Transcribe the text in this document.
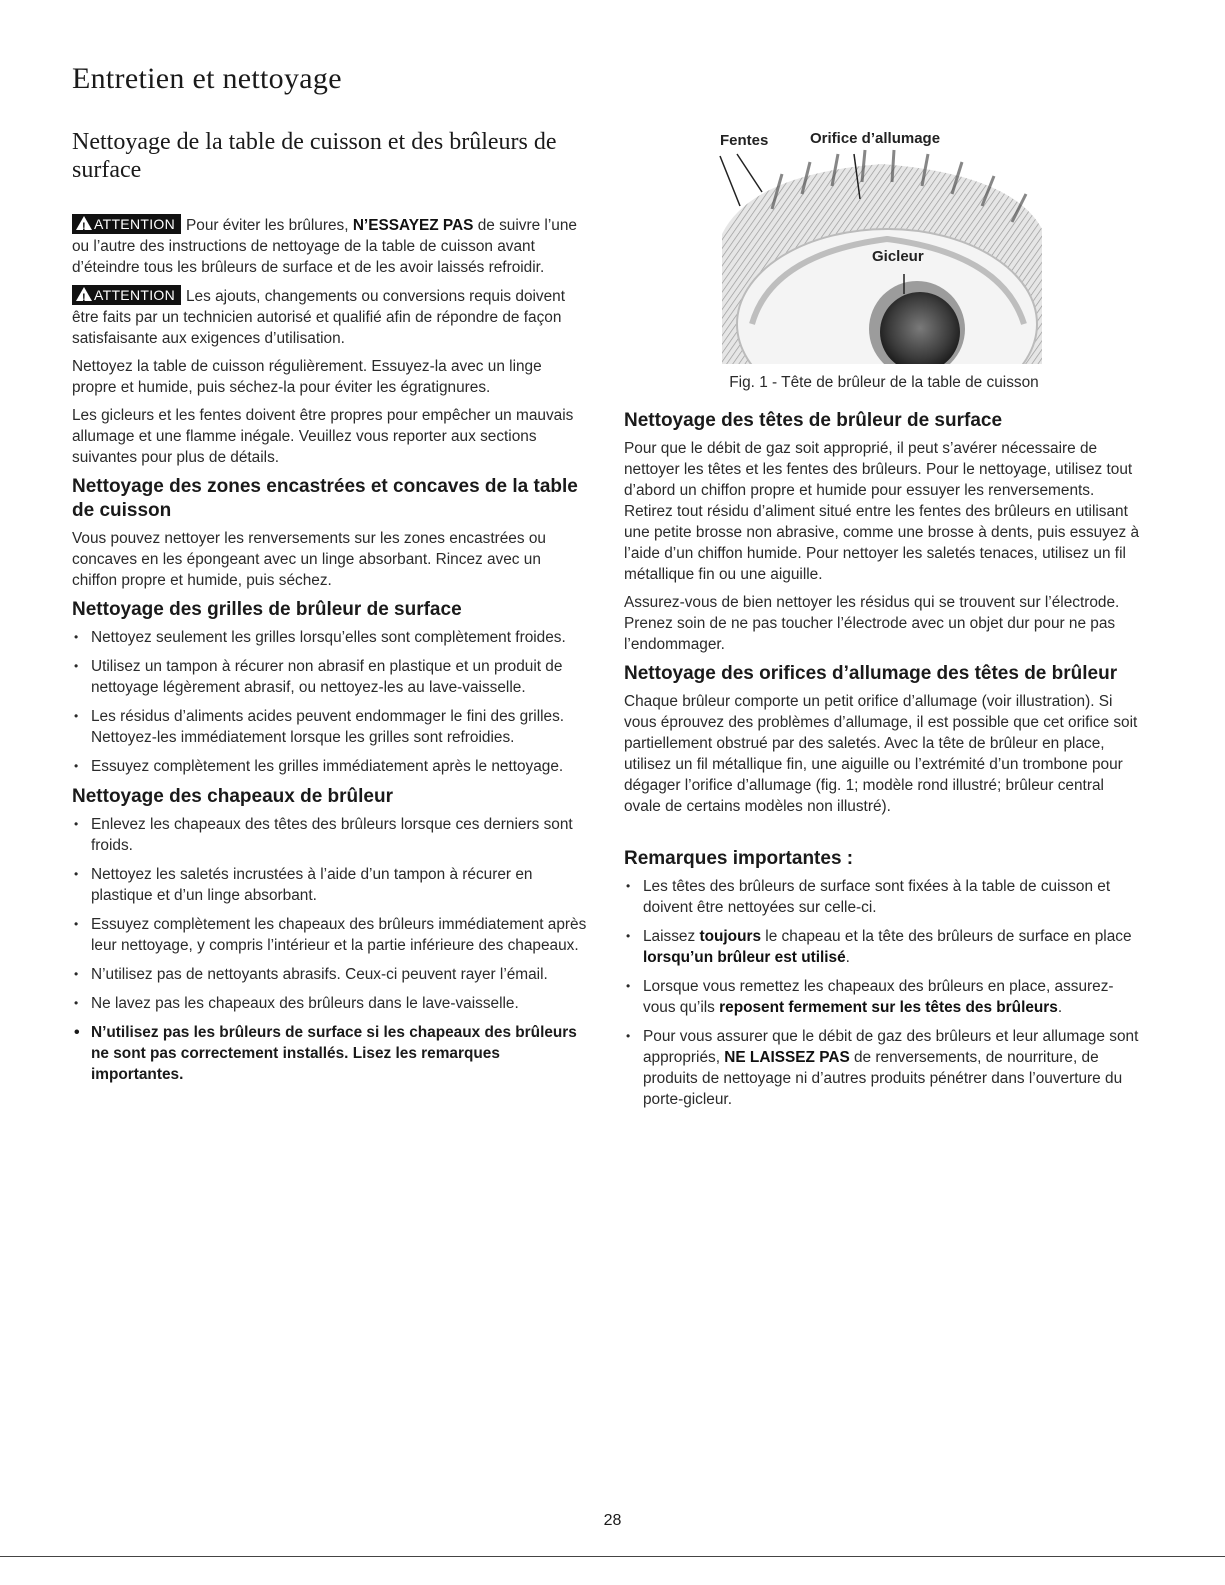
Entretien et nettoyage
Nettoyage de la table de cuisson et des brûleurs de surface

!ATTENTION Pour éviter les brûlures, N’ESSAYEZ PAS de suivre l’une ou l’autre des instructions de nettoyage de la table de cuisson avant d’éteindre tous les brûleurs de surface et de les avoir laissés refroidir.

!ATTENTION Les ajouts, changements ou conversions requis doivent être faits par un technicien autorisé et qualifié afin de répondre de façon satisfaisante aux exigences d’utilisation.

Nettoyez la table de cuisson régulièrement. Essuyez-la avec un linge propre et humide, puis séchez-la pour éviter les égratignures.

Les gicleurs et les fentes doivent être propres pour empêcher un mauvais allumage et une flamme inégale. Veuillez vous reporter aux sections suivantes pour plus de détails.

Nettoyage des zones encastrées et concaves de la table de cuisson

Vous pouvez nettoyer les renversements sur les zones encastrées ou concaves en les épongeant avec un linge absorbant. Rincez avec un chiffon propre et humide, puis séchez.

Nettoyage des grilles de brûleur de surface
• Nettoyez seulement les grilles lorsqu’elles sont complètement froides.
• Utilisez un tampon à récurer non abrasif en plastique et un produit de nettoyage légèrement abrasif, ou nettoyez-les au lave-vaisselle.
• Les résidus d’aliments acides peuvent endommager le fini des grilles. Nettoyez-les immédiatement lorsque les grilles sont refroidies.
• Essuyez complètement les grilles immédiatement après le nettoyage.
Nettoyage des chapeaux de brûleur
• Enlevez les chapeaux des têtes des brûleurs lorsque ces derniers sont froids.
• Nettoyez les saletés incrustées à l’aide d’un tampon à récurer en plastique et d’un linge absorbant.
• Essuyez complètement les chapeaux des brûleurs immédiatement après leur nettoyage, y compris l’intérieur et la partie inférieure des chapeaux.
• N’utilisez pas de nettoyants abrasifs. Ceux-ci peuvent rayer l’émail.
• Ne lavez pas les chapeaux des brûleurs dans le lave-vaisselle.
• N’utilisez pas les brûleurs de surface si les chapeaux des brûleurs ne sont pas correctement installés. Lisez les remarques importantes.
Fentes	Orifice d’allumage
Gicleur

Fig. 1 - Tête de brûleur de la table de cuisson

Nettoyage des têtes de brûleur de surface

Pour que le débit de gaz soit approprié, il peut s’avérer nécessaire de nettoyer les têtes et les fentes des brûleurs. Pour le nettoyage, utilisez tout d’abord un chiffon propre et humide pour essuyer les renversements. Retirez tout résidu d’aliment situé entre les fentes des brûleurs en utilisant une petite brosse non abrasive, comme une brosse à dents, puis essuyez à l’aide d’un chiffon humide. Pour nettoyer les saletés tenaces, utilisez un fil métallique fin ou une aiguille.

Assurez-vous de bien nettoyer les résidus qui se trouvent sur l’électrode. Prenez soin de ne pas toucher l’électrode avec un objet dur pour ne pas l’endommager.

Nettoyage des orifices d’allumage des têtes de brûleur

Chaque brûleur comporte un petit orifice d’allumage (voir illustration). Si vous éprouvez des problèmes d’allumage, il est possible que cet orifice soit partiellement obstrué par des saletés. Avec la tête de brûleur en place, utilisez un fil métallique fin, une aiguille ou l’extrémité d’un trombone pour dégager l’orifice d’allumage (fig. 1; modèle rond illustré; brûleur central ovale de certains modèles non illustré).

Remarques importantes :
• Les têtes des brûleurs de surface sont fixées à la table de cuisson et doivent être nettoyées sur celle-ci.
• Laissez toujours le chapeau et la tête des brûleurs de surface en place lorsqu’un brûleur est utilisé.
• Lorsque vous remettez les chapeaux des brûleurs en place, assurez-vous qu’ils reposent fermement sur les têtes des brûleurs.
• Pour vous assurer que le débit de gaz des brûleurs et leur allumage sont appropriés, NE LAISSEZ PAS de renversements, de nourriture, de produits de nettoyage ni d’autres produits pénétrer dans l’ouverture du porte-gicleur.
28
